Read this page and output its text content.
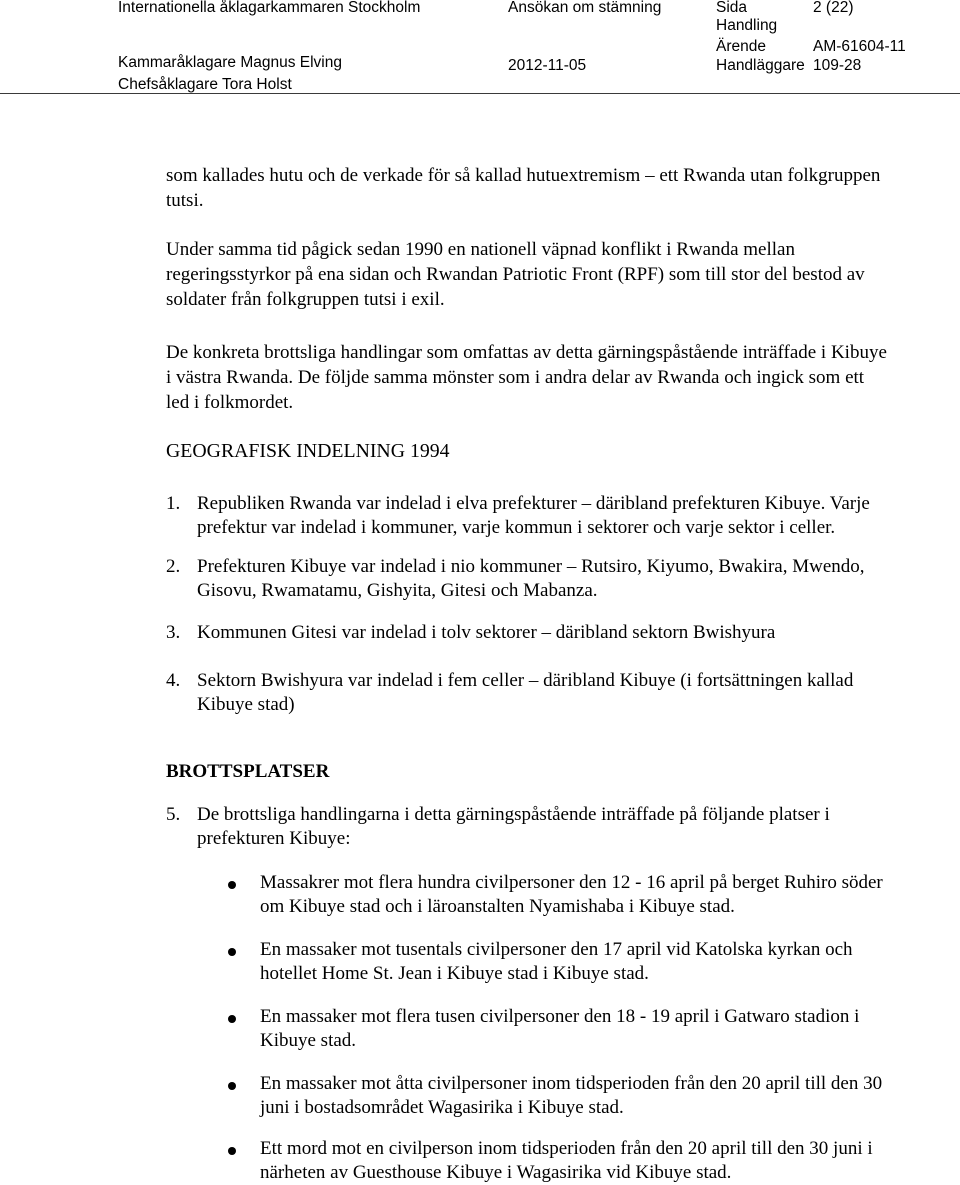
Internationella åklagarkammaren Stockholm	Ansökan om stämning	Sida	2 (22)
Handling
Ärende	AM-61604-11
Kammaråklagare Magnus Elving	2012-11-05	Handläggare 109-28
Chefsåklagare Tora Holst

som kallades hutu och de verkade för så kallad hutuextremism – ett Rwanda utan folkgruppen
tutsi.

Under samma tid pågick sedan 1990 en nationell väpnad konflikt i Rwanda mellan
regeringsstyrkor på ena sidan och Rwandan Patriotic Front (RPF) som till stor del bestod av
soldater från folkgruppen tutsi i exil.

De konkreta brottsliga handlingar som omfattas av detta gärningspåstående inträffade i Kibuye
i västra Rwanda. De följde samma mönster som i andra delar av Rwanda och ingick som ett
led i folkmordet.

GEOGRAFISK INDELNING 1994
1. Republiken Rwanda var indelad i elva prefekturer – däribland prefekturen Kibuye. Varje
prefektur var indelad i kommuner, varje kommun i sektorer och varje sektor i celler.
2. Prefekturen Kibuye var indelad i nio kommuner – Rutsiro, Kiyumo, Bwakira, Mwendo,
Gisovu, Rwamatamu, Gishyita, Gitesi och Mabanza.
3. Kommunen Gitesi var indelad i tolv sektorer – däribland sektorn Bwishyura
4. Sektorn Bwishyura var indelad i fem celler – däribland Kibuye (i fortsättningen kallad
Kibuye stad)
BROTTSPLATSER
5. De brottsliga handlingarna i detta gärningspåstående inträffade på följande platser i
prefekturen Kibuye:
Massakrer mot flera hundra civilpersoner den 12 - 16 april på berget Ruhiro söder
om Kibuye stad och i läroanstalten Nyamishaba i Kibuye stad.
En massaker mot tusentals civilpersoner den 17 april vid Katolska kyrkan och
hotellet Home St. Jean i Kibuye stad i Kibuye stad.
En massaker mot flera tusen civilpersoner den 18 - 19 april i Gatwaro stadion i
Kibuye stad.
En massaker mot åtta civilpersoner inom tidsperioden från den 20 april till den 30
juni i bostadsområdet Wagasirika i Kibuye stad.
Ett mord mot en civilperson inom tidsperioden från den 20 april till den 30 juni i
närheten av Guesthouse Kibuye i Wagasirika vid Kibuye stad.
